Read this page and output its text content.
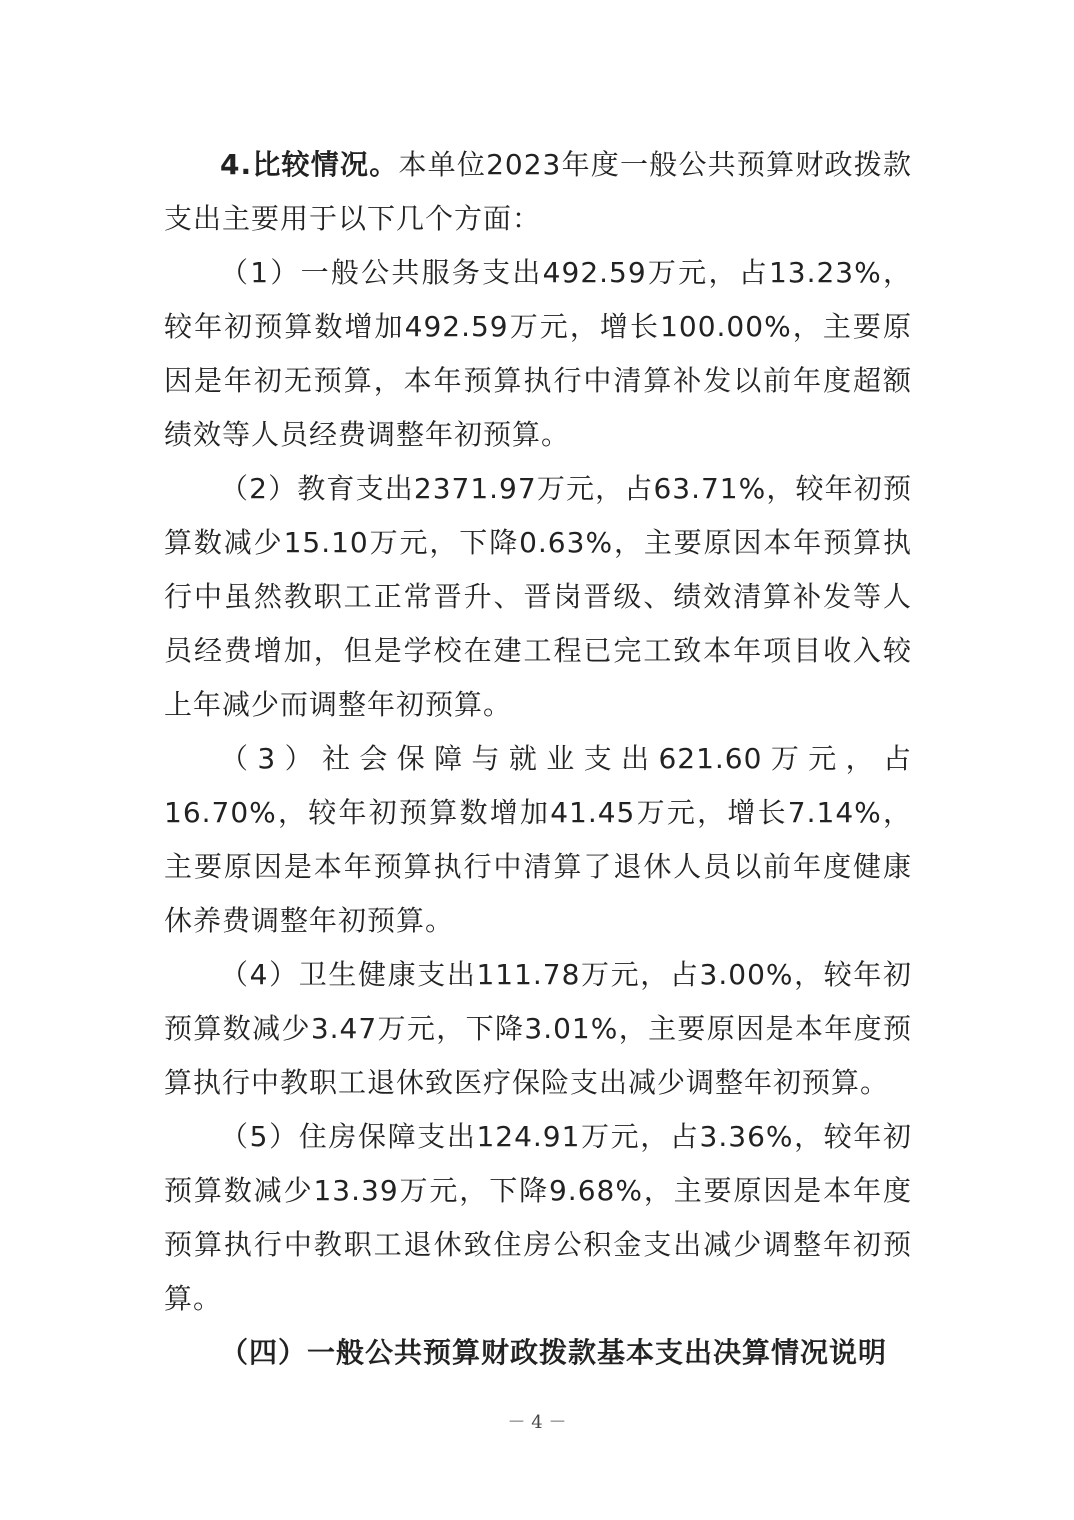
4.比较情况。本单位2023年度一般公共预算财政拨款支出主要用于以下几个方面：

（1）一般公共服务支出492.59万元，占13.23%，较年初预算数增加492.59万元，增长100.00%，主要原因是年初无预算，本年预算执行中清算补发以前年度超额绩效等人员经费调整年初预算。

（2）教育支出2371.97万元，占63.71%，较年初预算数减少15.10万元，下降0.63%，主要原因本年预算执行中虽然教职工正常晋升、晋岗晋级、绩效清算补发等人员经费增加，但是学校在建工程已完工致本年项目收入较上年减少而调整年初预算。

（3）社会保障与就业支出621.60万元，占16.70%，较年初预算数增加41.45万元，增长7.14%，主要原因是本年预算执行中清算了退休人员以前年度健康休养费调整年初预算。

（4）卫生健康支出111.78万元，占3.00%，较年初预算数减少3.47万元，下降3.01%，主要原因是本年度预算执行中教职工退休致医疗保险支出减少调整年初预算。

（5）住房保障支出124.91万元，占3.36%，较年初预算数减少13.39万元，下降9.68%，主要原因是本年度预算执行中教职工退休致住房公积金支出减少调整年初预算。

（四）一般公共预算财政拨款基本支出决算情况说明

－ 4 －
